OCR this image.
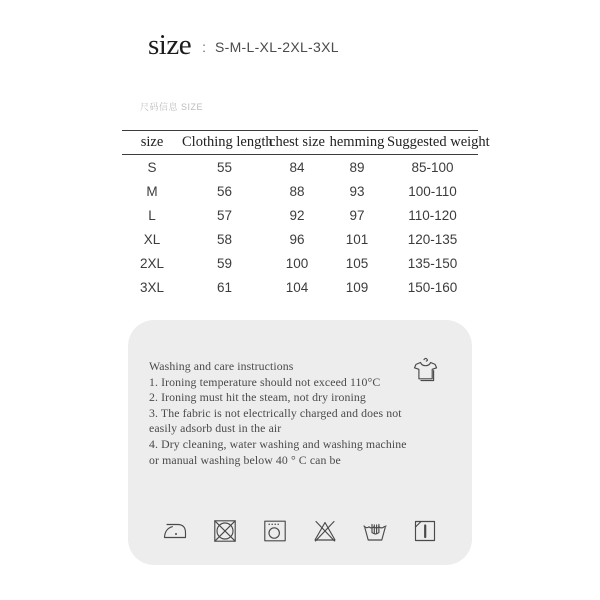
size : S-M-L-XL-2XL-3XL
尺码信息 SIZE
size	Clothing length	chest size	hemming	Suggested weight
S	55	84	89	85-100
M	56	88	93	100-110
L	57	92	97	110-120
XL	58	96	101	120-135
2XL	59	100	105	135-150
3XL	61	104	109	150-160
Washing and care instructions
1. Ironing temperature should not exceed 110°C
2. Ironing must hit the steam, not dry ironing
3. The fabric is not electrically charged and does not
easily adsorb dust in the air
4. Dry cleaning, water washing and washing machine
or manual washing below 40 ° C can be
